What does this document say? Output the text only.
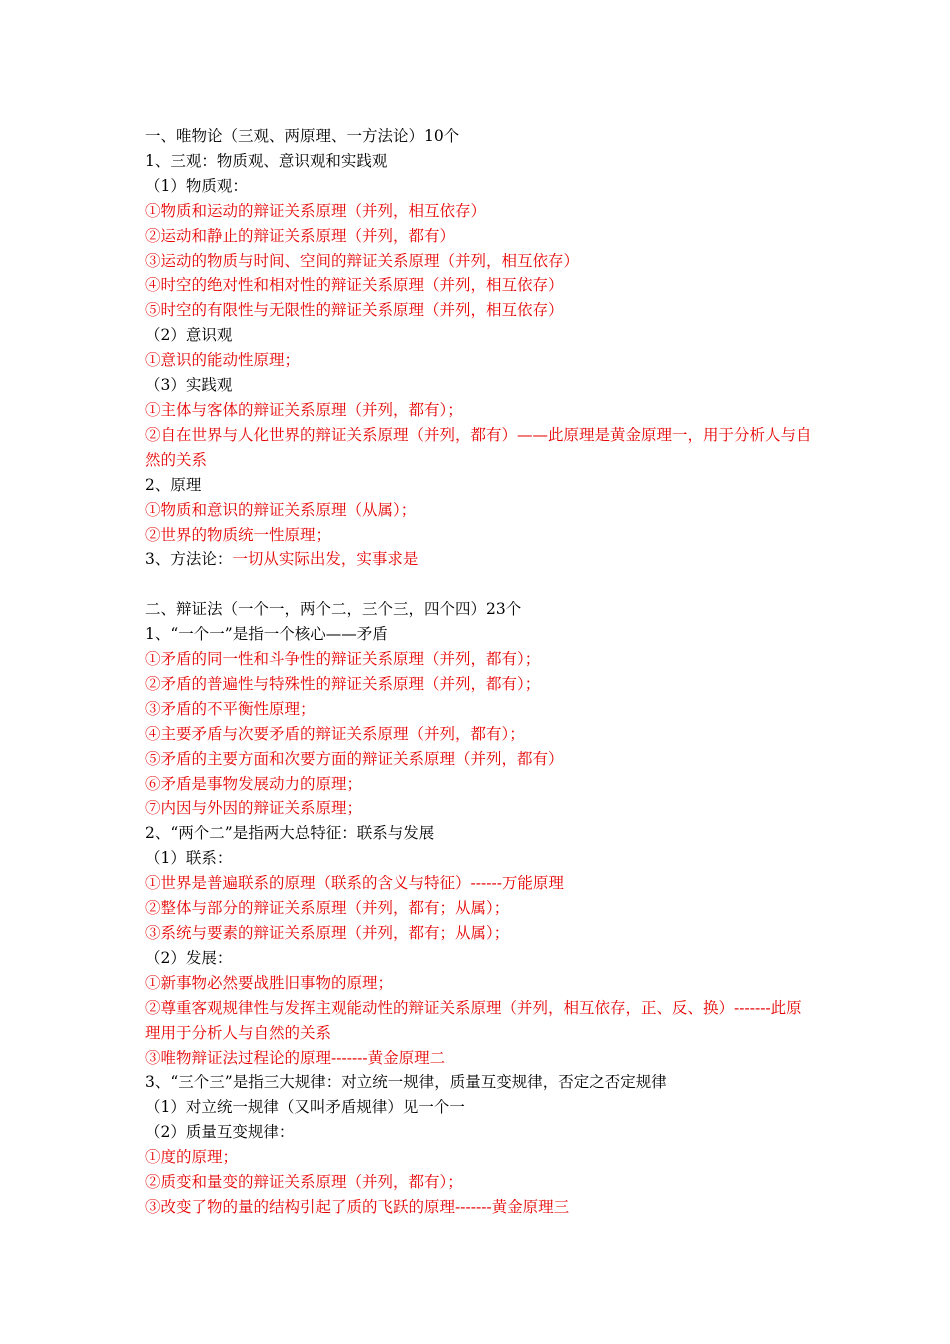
一、唯物论（三观、两原理、一方法论）10个
1、三观：物质观、意识观和实践观
（1）物质观：
①物质和运动的辩证关系原理（并列，相互依存）
②运动和静止的辩证关系原理（并列，都有）
③运动的物质与时间、空间的辩证关系原理（并列，相互依存）
④时空的绝对性和相对性的辩证关系原理（并列，相互依存）
⑤时空的有限性与无限性的辩证关系原理（并列，相互依存）
（2）意识观
①意识的能动性原理；
（3）实践观
①主体与客体的辩证关系原理（并列，都有）；
②自在世界与人化世界的辩证关系原理（并列，都有）——此原理是黄金原理一，用于分析人与自然的关系
2、原理
①物质和意识的辩证关系原理（从属）；
②世界的物质统一性原理；
3、方法论：一切从实际出发，实事求是
二、辩证法（一个一，两个二，三个三，四个四）23个
1、“一个一”是指一个核心——矛盾
①矛盾的同一性和斗争性的辩证关系原理（并列，都有）；
②矛盾的普遍性与特殊性的辩证关系原理（并列，都有）；
③矛盾的不平衡性原理；
④主要矛盾与次要矛盾的辩证关系原理（并列，都有）；
⑤矛盾的主要方面和次要方面的辩证关系原理（并列，都有）
⑥矛盾是事物发展动力的原理；
⑦内因与外因的辩证关系原理；
2、“两个二”是指两大总特征：联系与发展
（1）联系：
①世界是普遍联系的原理（联系的含义与特征）------万能原理
②整体与部分的辩证关系原理（并列，都有；从属）；
③系统与要素的辩证关系原理（并列，都有；从属）；
（2）发展：
①新事物必然要战胜旧事物的原理；
②尊重客观规律性与发挥主观能动性的辩证关系原理（并列，相互依存，正、反、换）-------此原理用于分析人与自然的关系
③唯物辩证法过程论的原理-------黄金原理二
3、“三个三”是指三大规律：对立统一规律，质量互变规律，否定之否定规律
（1）对立统一规律（又叫矛盾规律）见一个一
（2）质量互变规律：
①度的原理；
②质变和量变的辩证关系原理（并列，都有）；
③改变了物的量的结构引起了质的飞跃的原理-------黄金原理三
